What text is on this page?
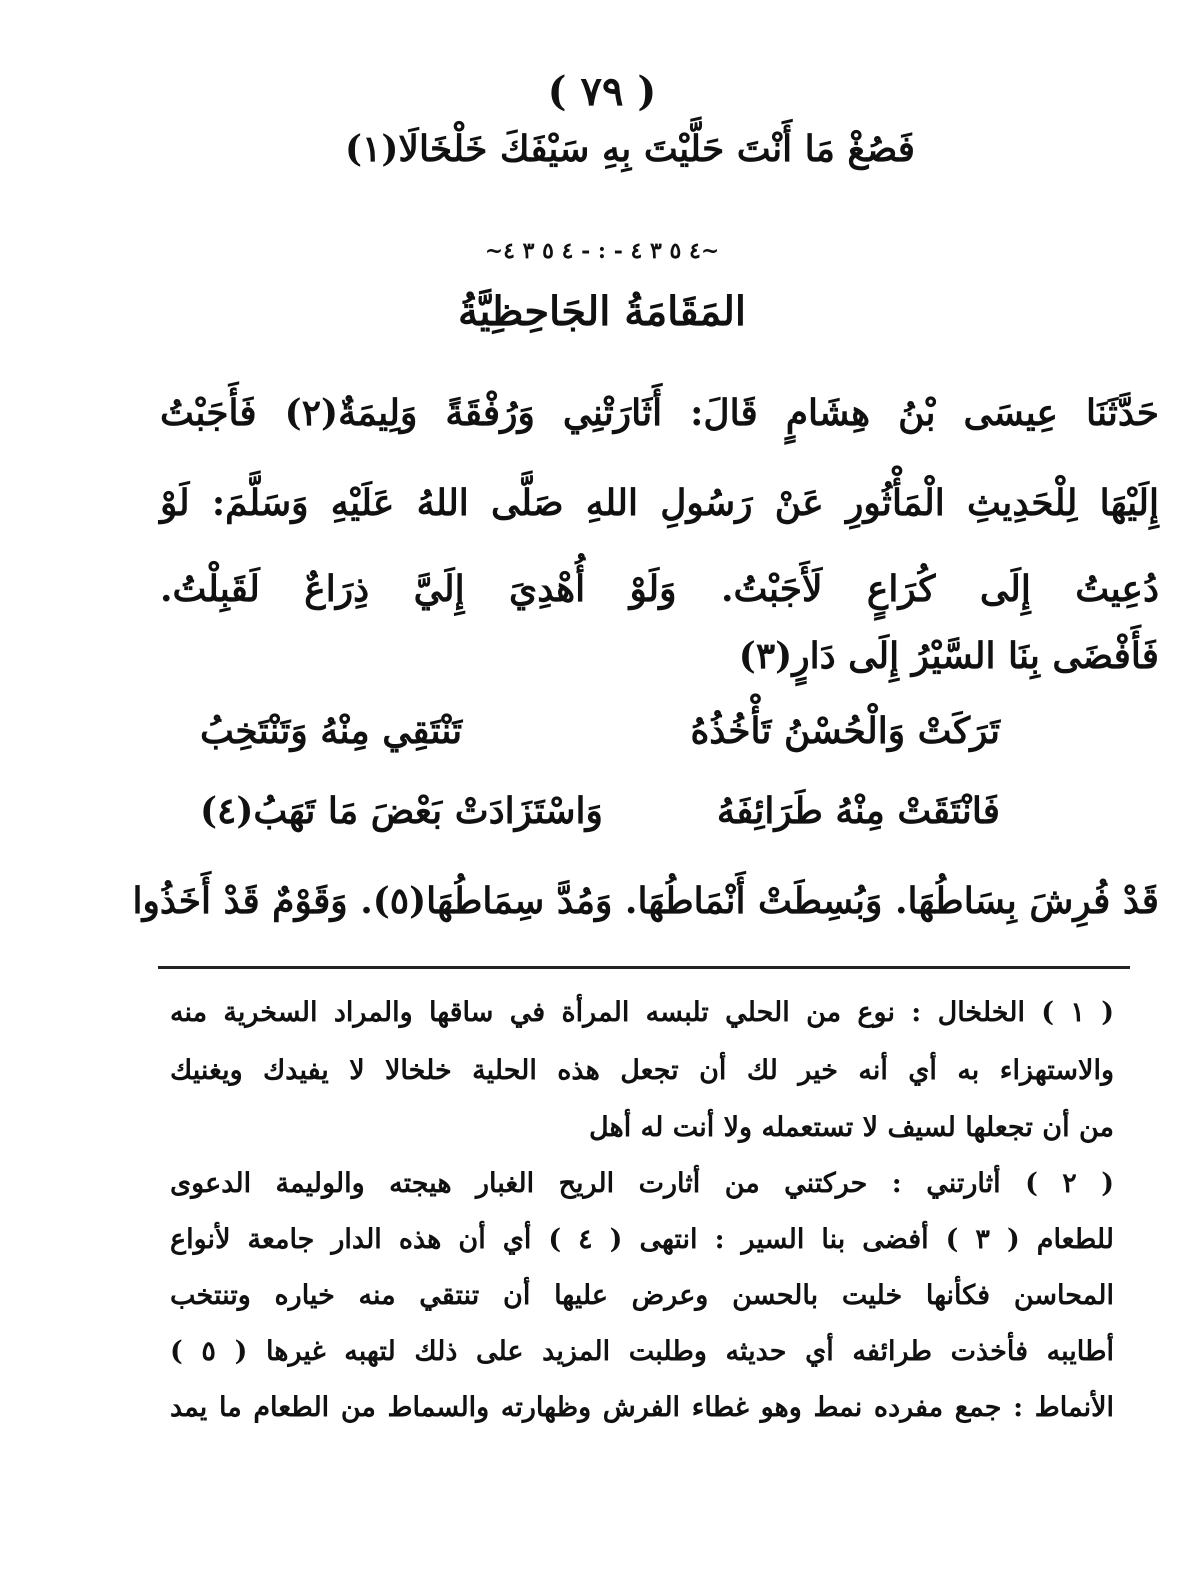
( ٧٩ )
فَصُغْ مَا أَنْتَ حَلَّيْتَ بِهِ سَيْفَكَ خَلْخَالَا(١)
~٤ ٥ ٣ ٤ - : - ٤ ٥ ٣ ٤~
المَقَامَةُ الجَاحِظِيَّةُ
حَدَّثَنَا عِيسَى بْنُ هِشَامٍ قَالَ: أَثَارَتْنِي وَرُفْقَةً وَلِيمَةٌ(٢) فَأَجَبْتُ
إِلَيْهَا لِلْحَدِيثِ الْمَأْثُورِ عَنْ رَسُولِ اللهِ صَلَّى اللهُ عَلَيْهِ وَسَلَّمَ: لَوْ
دُعِيتُ إِلَى كُرَاعٍ لَأَجَبْتُ. وَلَوْ أُهْدِيَ إِلَيَّ ذِرَاعٌ لَقَبِلْتُ.
فَأَفْضَى بِنَا السَّيْرُ إِلَى دَارٍ(٣)
تَرَكَتْ وَالْحُسْنُ تَأْخُذُهُ
تَنْتَقِي مِنْهُ وَتَنْتَخِبُ
فَانْتَقَتْ مِنْهُ طَرَائِفَهُ
وَاسْتَزَادَتْ بَعْضَ مَا تَهَبُ(٤)
قَدْ فُرِشَ بِسَاطُهَا. وَبُسِطَتْ أَنْمَاطُهَا. وَمُدَّ سِمَاطُهَا(٥). وَقَوْمٌ قَدْ أَخَذُوا
( ١ ) الخلخال : نوع من الحلي تلبسه المرأة في ساقها والمراد السخرية منه
والاستهزاء به أي أنه خير لك أن تجعل هذه الحلية خلخالا لا يفيدك ويغنيك
من أن تجعلها لسيف لا تستعمله ولا أنت له أهل
( ٢ ) أثارتني : حركتني من أثارت الريح الغبار هيجته والوليمة الدعوى
للطعام ( ٣ ) أفضى بنا السير : انتهى ( ٤ ) أي أن هذه الدار جامعة لأنواع
المحاسن فكأنها خليت بالحسن وعرض عليها أن تنتقي منه خياره وتنتخب
أطايبه فأخذت طرائفه أي حديثه وطلبت المزيد على ذلك لتهبه غيرها ( ٥ )
الأنماط : جمع مفرده نمط وهو غطاء الفرش وظهارته والسماط من الطعام ما يمد
